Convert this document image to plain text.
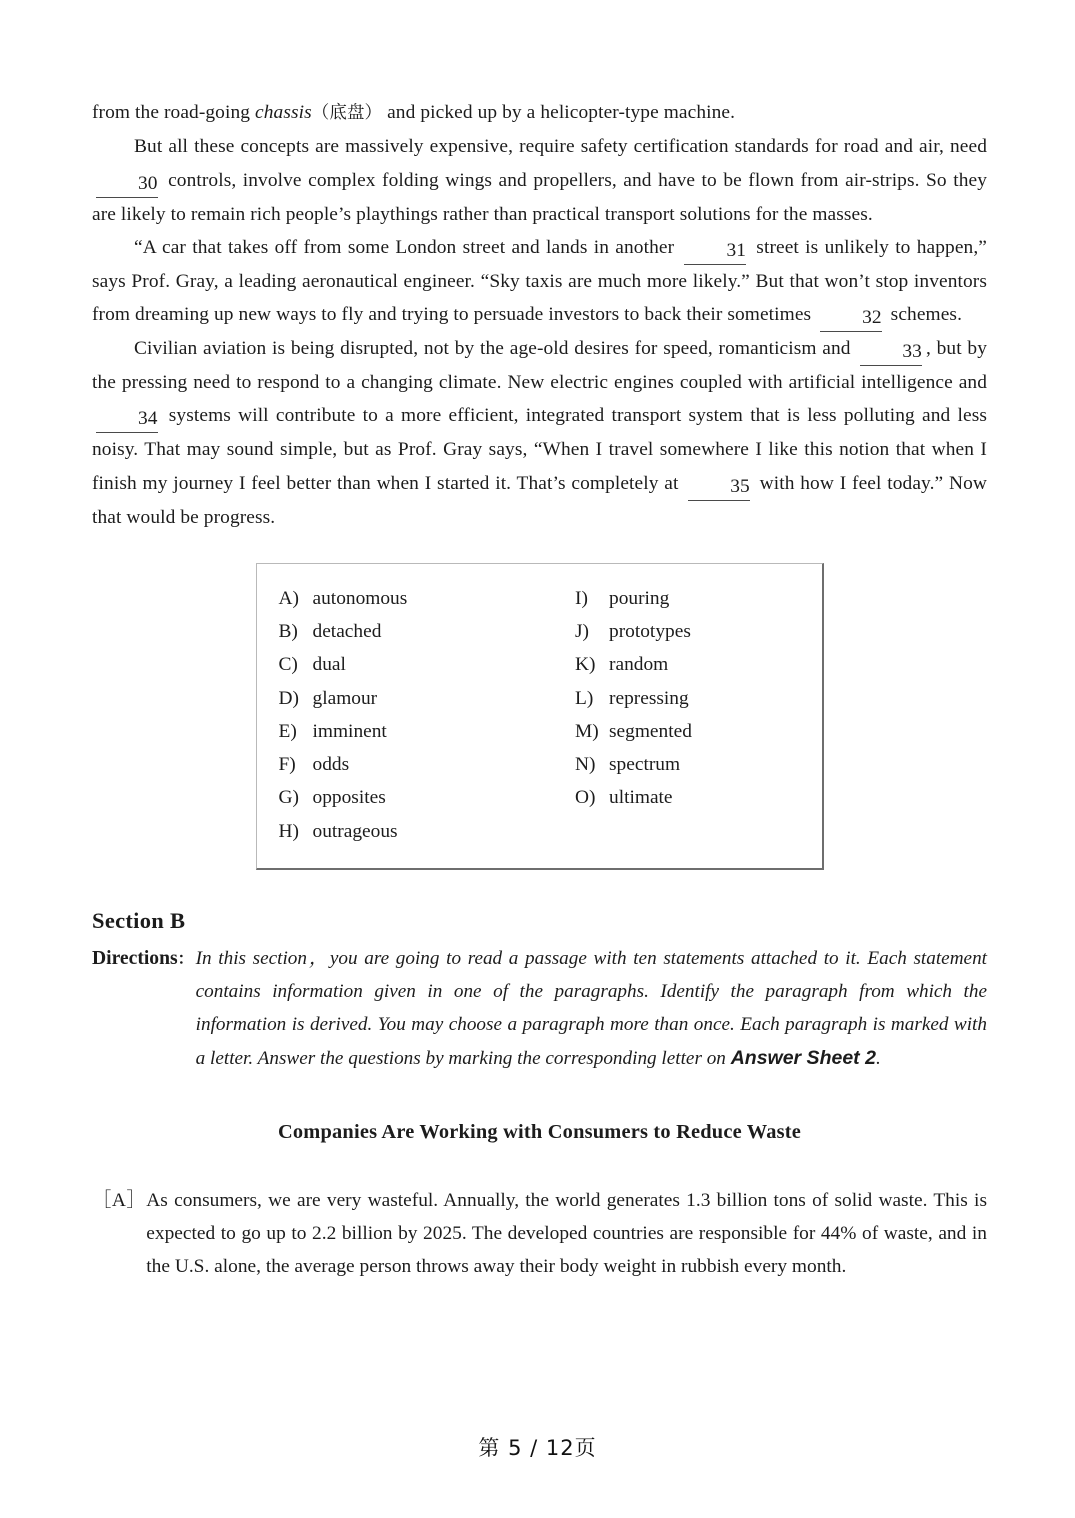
from the road-going chassis（底盘） and picked up by a helicopter-type machine.

But all these concepts are massively expensive, require safety certification standards for road and air, need 30 controls, involve complex folding wings and propellers, and have to be flown from air-strips. So they are likely to remain rich people’s playthings rather than practical transport solutions for the masses.

“A car that takes off from some London street and lands in another 31 street is unlikely to happen,” says Prof. Gray, a leading aeronautical engineer. “Sky taxis are much more likely.” But that won’t stop inventors from dreaming up new ways to fly and trying to persuade investors to back their sometimes 32 schemes.

Civilian aviation is being disrupted, not by the age-old desires for speed, romanticism and 33 , but by the pressing need to respond to a changing climate. New electric engines coupled with artificial intelligence and 34 systems will contribute to a more efficient, integrated transport system that is less polluting and less noisy. That may sound simple, but as Prof. Gray says, “When I travel somewhere I like this notion that when I finish my journey I feel better than when I started it. That’s completely at 35 with how I feel today.” Now that would be progress.

A) autonomous
B) detached
C) dual
D) glamour
E) imminent
F) odds
G) opposites
H) outrageous
I) pouring
J) prototypes
K) random
L) repressing
M) segmented
N) spectrum
O) ultimate
Section B
Directions： In this section，you are going to read a passage with ten statements attached to it. Each statement contains information given in one of the paragraphs. Identify the paragraph from which the information is derived. You may choose a paragraph more than once. Each paragraph is marked with a letter. Answer the questions by marking the corresponding letter on Answer Sheet 2.
Companies Are Working with Consumers to Reduce Waste
［A］ As consumers, we are very wasteful. Annually, the world generates 1.3 billion tons of solid waste. This is expected to go up to 2.2 billion by 2025. The developed countries are responsible for 44% of waste, and in the U.S. alone, the average person throws away their body weight in rubbish every month.
第 5 / 12页
